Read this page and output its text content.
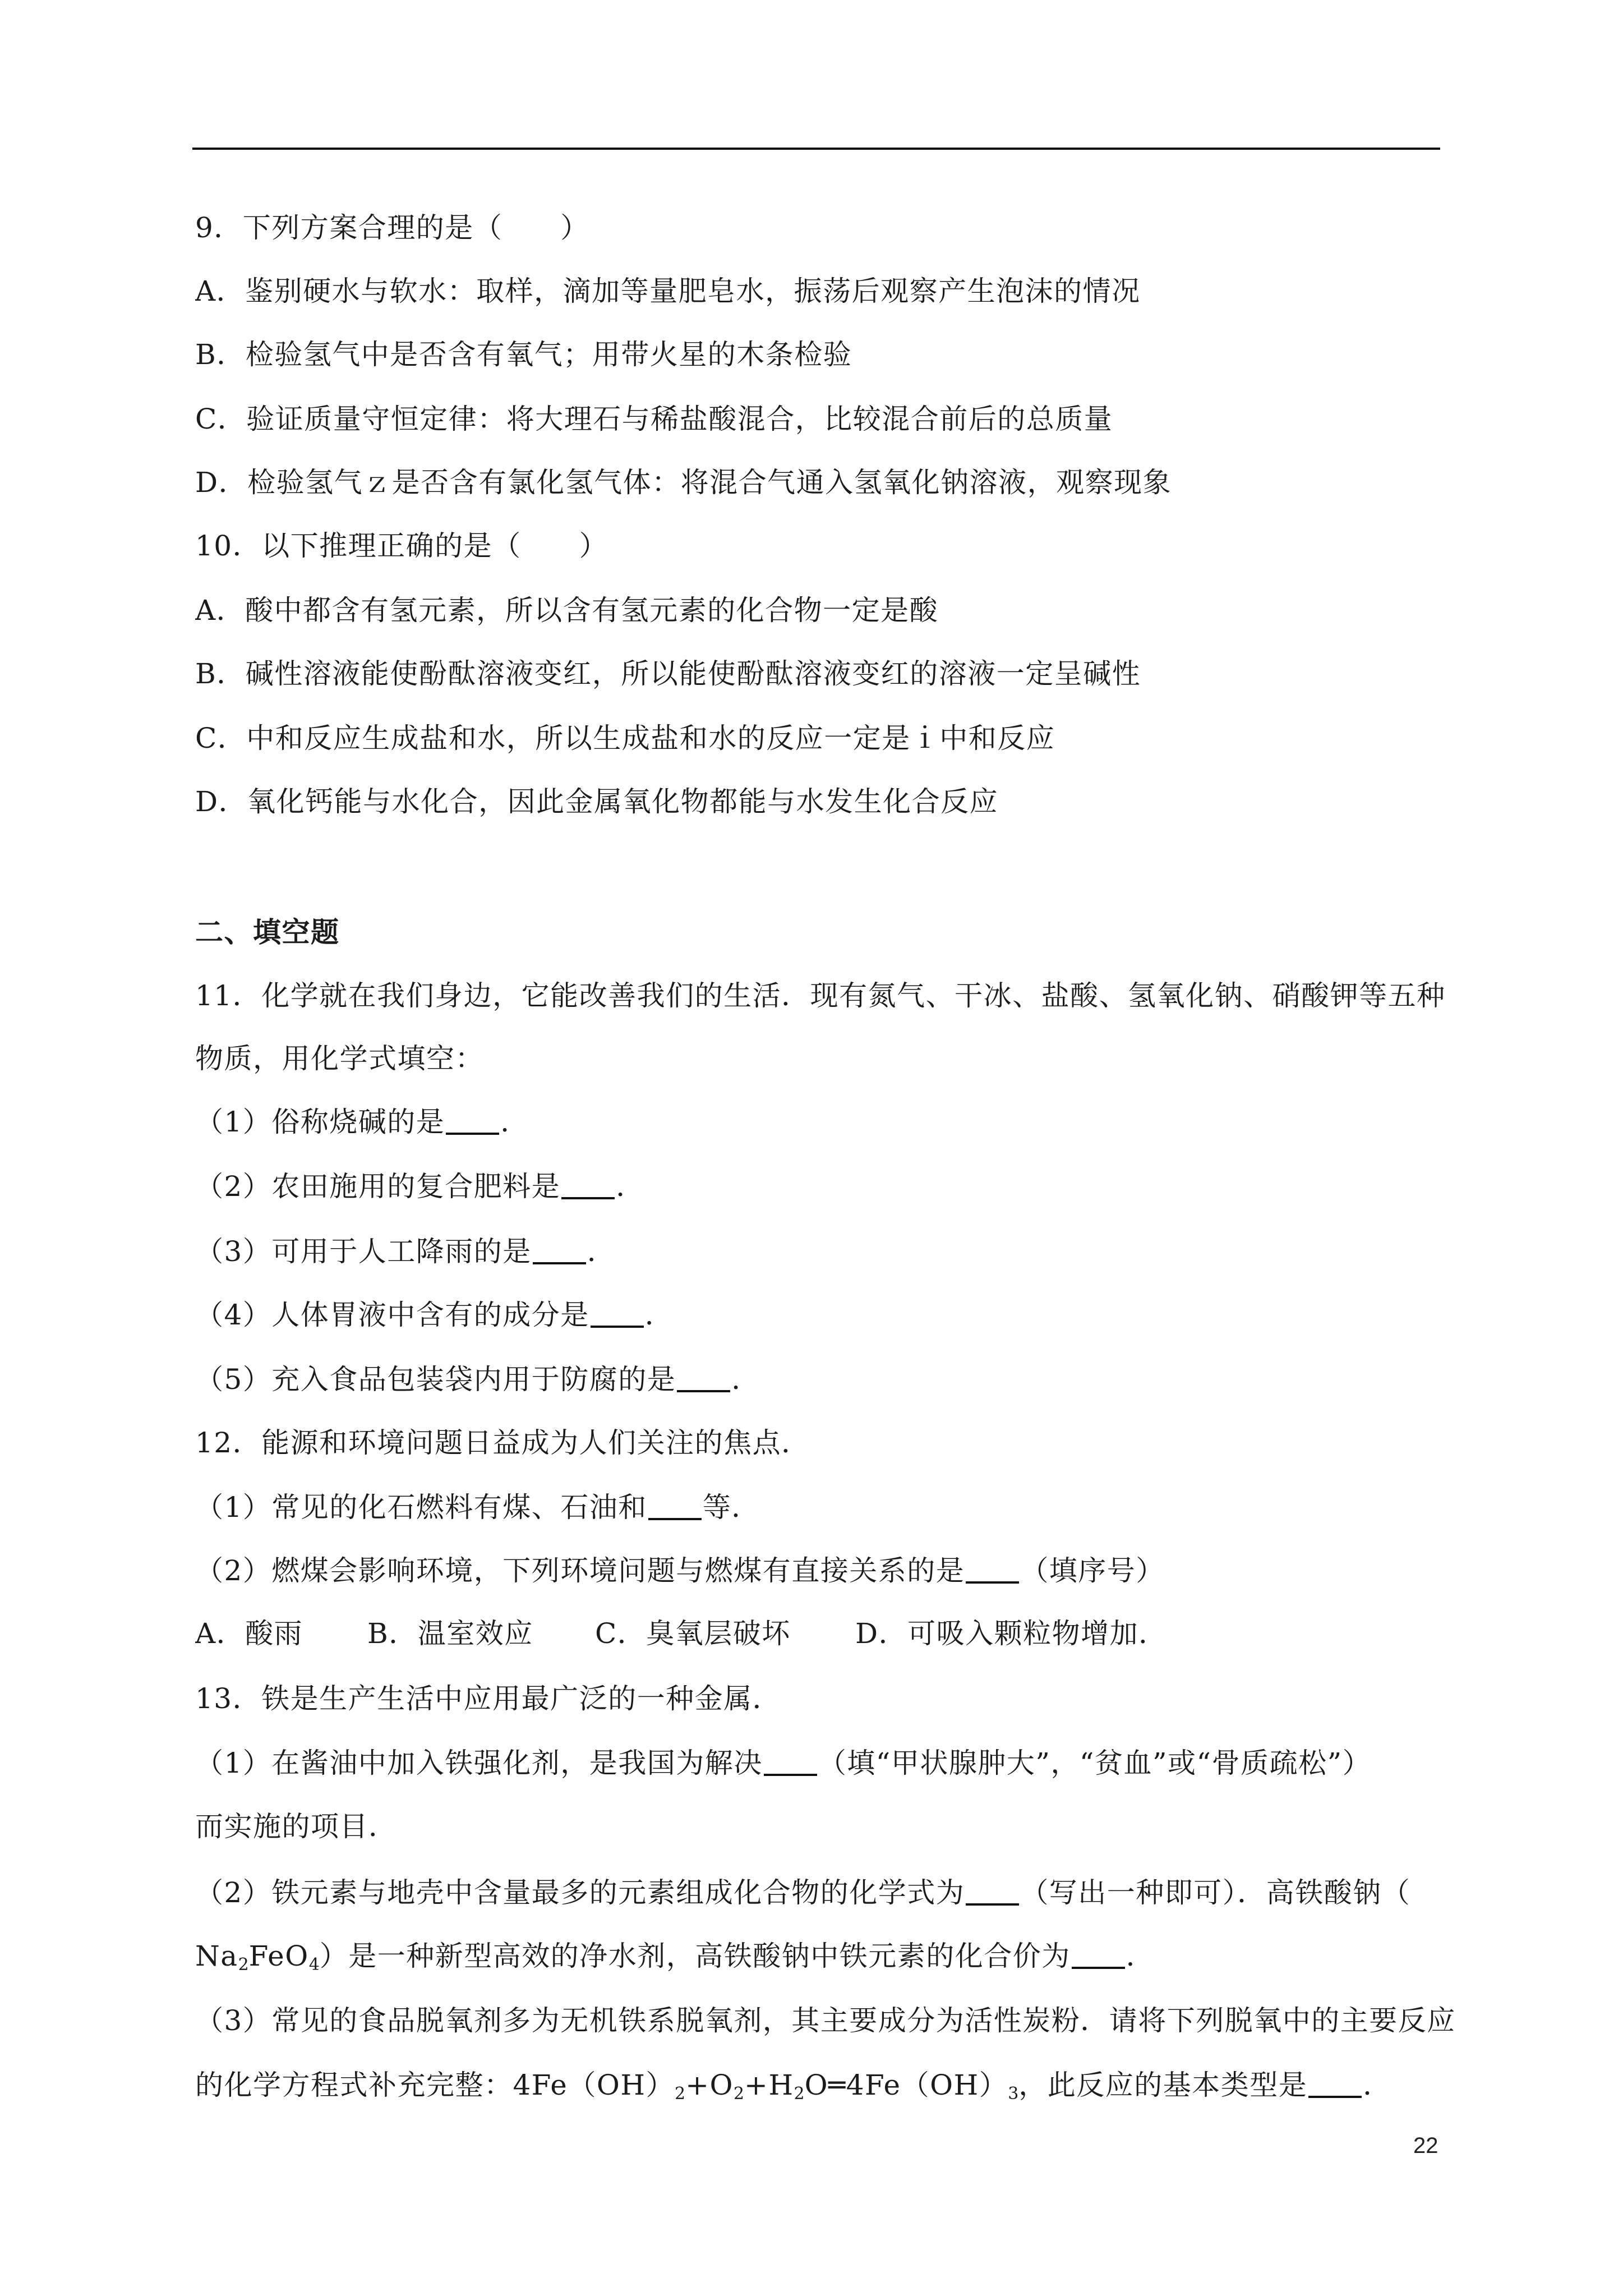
9．下列方案合理的是（　　）
A．鉴别硬水与软水：取样，滴加等量肥皂水，振荡后观察产生泡沫的情况
B．检验氢气中是否含有氧气；用带火星的木条检验
C．验证质量守恒定律：将大理石与稀盐酸混合，比较混合前后的总质量
D．检验氢气ｚ是否含有氯化氢气体：将混合气通入氢氧化钠溶液，观察现象
10．以下推理正确的是（　　）
A．酸中都含有氢元素，所以含有氢元素的化合物一定是酸
B．碱性溶液能使酚酞溶液变红，所以能使酚酞溶液变红的溶液一定呈碱性
C．中和反应生成盐和水，所以生成盐和水的反应一定是ｉ中和反应
D．氧化钙能与水化合，因此金属氧化物都能与水发生化合反应
二、填空题
11．化学就在我们身边，它能改善我们的生活．现有氮气、干冰、盐酸、氢氧化钠、硝酸钾等五种
物质，用化学式填空：
（1）俗称烧碱的是 ．
（2）农田施用的复合肥料是 ．
（3）可用于人工降雨的是 ．
（4）人体胃液中含有的成分是 ．
（5）充入食品包装袋内用于防腐的是 ．
12．能源和环境问题日益成为人们关注的焦点．
（1）常见的化石燃料有煤、石油和 等．
（2）燃煤会影响环境，下列环境问题与燃煤有直接关系的是 （填序号）
A．酸雨 B．温室效应 C．臭氧层破坏 D．可吸入颗粒物增加．
13．铁是生产生活中应用最广泛的一种金属．
（1）在酱油中加入铁强化剂，是我国为解决 （填“甲状腺肿大”，“贫血”或“骨质疏松”）
而实施的项目．
（2）铁元素与地壳中含量最多的元素组成化合物的化学式为 （写出一种即可）．高铁酸钠（
$Na_2FeO_4$）是一种新型高效的净水剂，高铁酸钠中铁元素的化合价为 ．
（3）常见的食品脱氧剂多为无机铁系脱氧剂，其主要成分为活性炭粉．请将下列脱氧中的主要反应
的化学方程式补充完整：$4Fe(OH)_2+O_2+H_2O═4Fe(OH)_3$，此反应的基本类型是 ．
22
